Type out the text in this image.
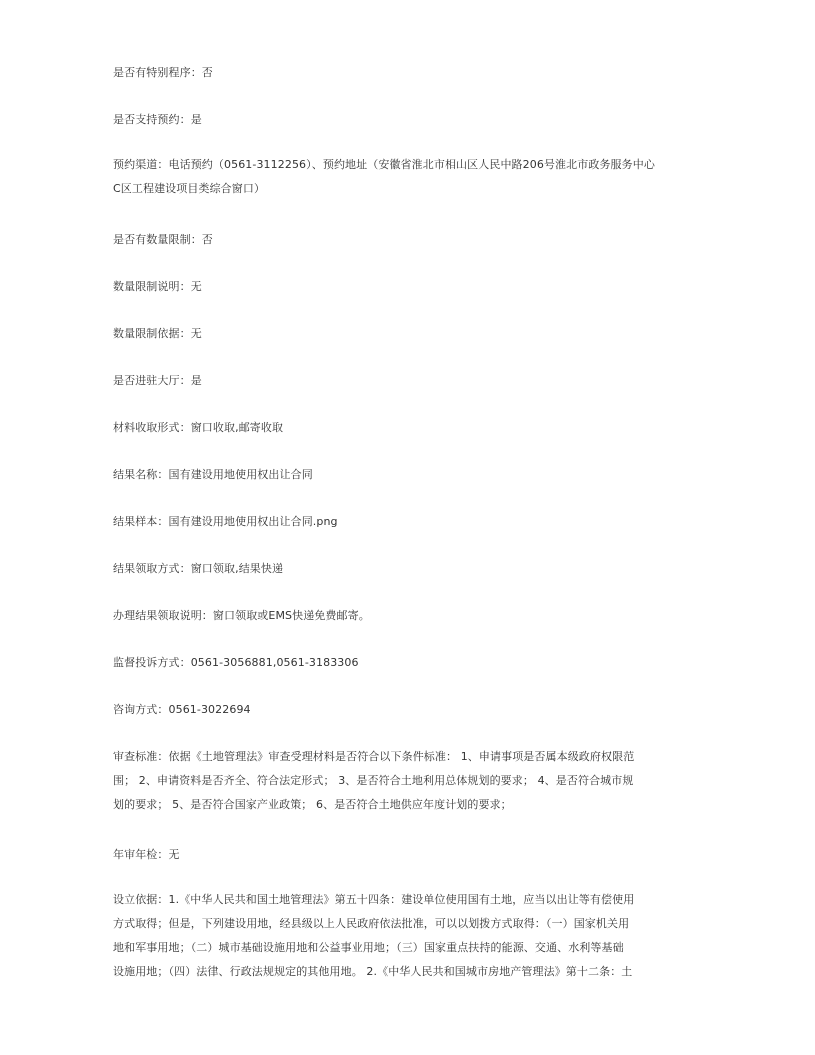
是否有特别程序：否
是否支持预约：是
预约渠道：电话预约（0561-3112256）、预约地址（安徽省淮北市相山区人民中路206号淮北市政务服务中心
C区工程建设项目类综合窗口）
是否有数量限制：否
数量限制说明：无
数量限制依据：无
是否进驻大厅：是
材料收取形式：窗口收取,邮寄收取
结果名称：国有建设用地使用权出让合同
结果样本：国有建设用地使用权出让合同.png
结果领取方式：窗口领取,结果快递
办理结果领取说明：窗口领取或EMS快递免费邮寄。
监督投诉方式：0561-3056881,0561-3183306
咨询方式：0561-3022694
审查标准：依据《土地管理法》审查受理材料是否符合以下条件标准： 1、申请事项是否属本级政府权限范
围； 2、申请资料是否齐全、符合法定形式； 3、是否符合土地利用总体规划的要求； 4、是否符合城市规
划的要求； 5、是否符合国家产业政策； 6、是否符合土地供应年度计划的要求；
年审年检：无
设立依据：1.《中华人民共和国土地管理法》第五十四条：建设单位使用国有土地，应当以出让等有偿使用
方式取得；但是，下列建设用地，经县级以上人民政府依法批准，可以以划拨方式取得：（一）国家机关用
地和军事用地；（二）城市基础设施用地和公益事业用地；（三）国家重点扶持的能源、交通、水利等基础
设施用地；（四）法律、行政法规规定的其他用地。 2.《中华人民共和国城市房地产管理法》第十二条：土
